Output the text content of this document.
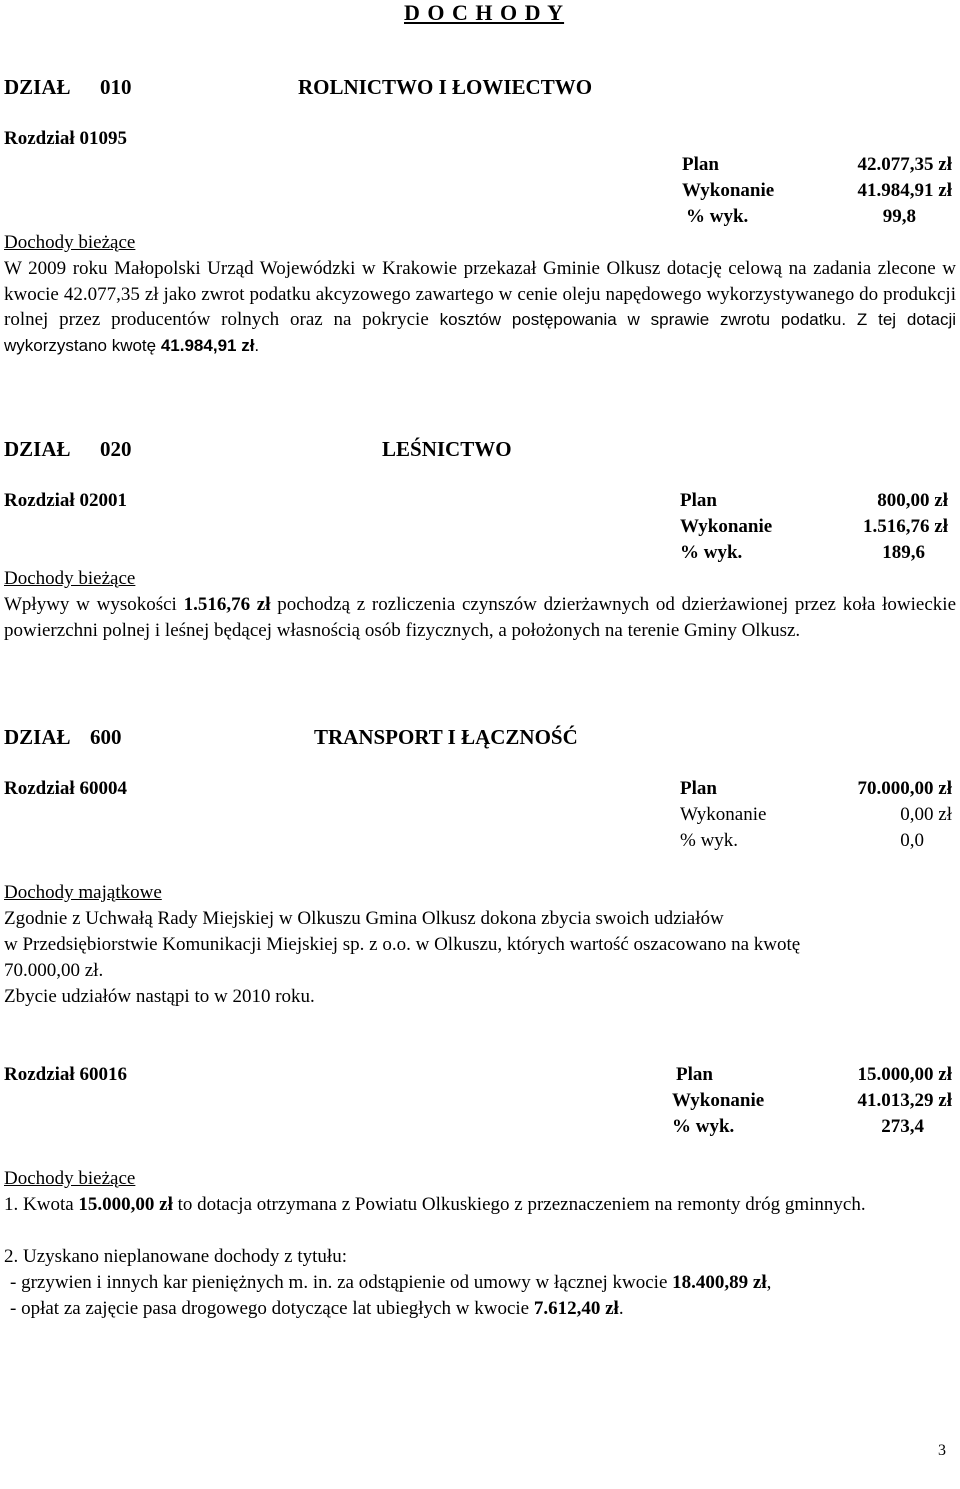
D O C H O D Y
DZIAŁ 010	ROLNICTWO I ŁOWIECTWO
Rozdział 01095
Plan	42.077,35 zł
Wykonanie	41.984,91 zł
% wyk.	99,8
Dochody bieżące
W 2009 roku Małopolski Urząd Wojewódzki w Krakowie przekazał Gminie Olkusz dotację celową na zadania zlecone w kwocie 42.077,35 zł jako zwrot podatku akcyzowego zawartego w cenie oleju napędowego wykorzystywanego do produkcji rolnej przez producentów rolnych oraz na pokrycie kosztów postępowania w sprawie zwrotu podatku. Z tej dotacji wykorzystano kwotę 41.984,91 zł.
DZIAŁ 020	LEŚNICTWO
Rozdział 02001	Plan	800,00 zł
Wykonanie	1.516,76 zł
% wyk.	189,6
Dochody bieżące
Wpływy w wysokości 1.516,76 zł pochodzą z rozliczenia czynszów dzierżawnych od dzierżawionej przez koła łowieckie powierzchni polnej i leśnej będącej własnością osób fizycznych, a położonych na terenie Gminy Olkusz.
DZIAŁ 600	TRANSPORT I ŁĄCZNOŚĆ
Rozdział 60004	Plan	70.000,00 zł
Wykonanie	0,00 zł
% wyk.	0,0
Dochody majątkowe
Zgodnie z Uchwałą Rady Miejskiej w Olkuszu Gmina Olkusz dokona zbycia swoich udziałów
w Przedsiębiorstwie Komunikacji Miejskiej sp. z o.o. w Olkuszu, których wartość oszacowano na kwotę
70.000,00 zł.
Zbycie udziałów nastąpi to w 2010 roku.
Rozdział 60016	Plan	15.000,00 zł
Wykonanie	41.013,29 zł
% wyk.	273,4
Dochody bieżące
1. Kwota 15.000,00 zł to dotacja otrzymana z Powiatu Olkuskiego z przeznaczeniem na remonty dróg gminnych.
2. Uzyskano nieplanowane dochody z tytułu:
- grzywien i innych kar pieniężnych m. in. za odstąpienie od umowy w łącznej kwocie 18.400,89 zł,
- opłat za zajęcie pasa drogowego dotyczące lat ubiegłych w kwocie 7.612,40 zł.
3
